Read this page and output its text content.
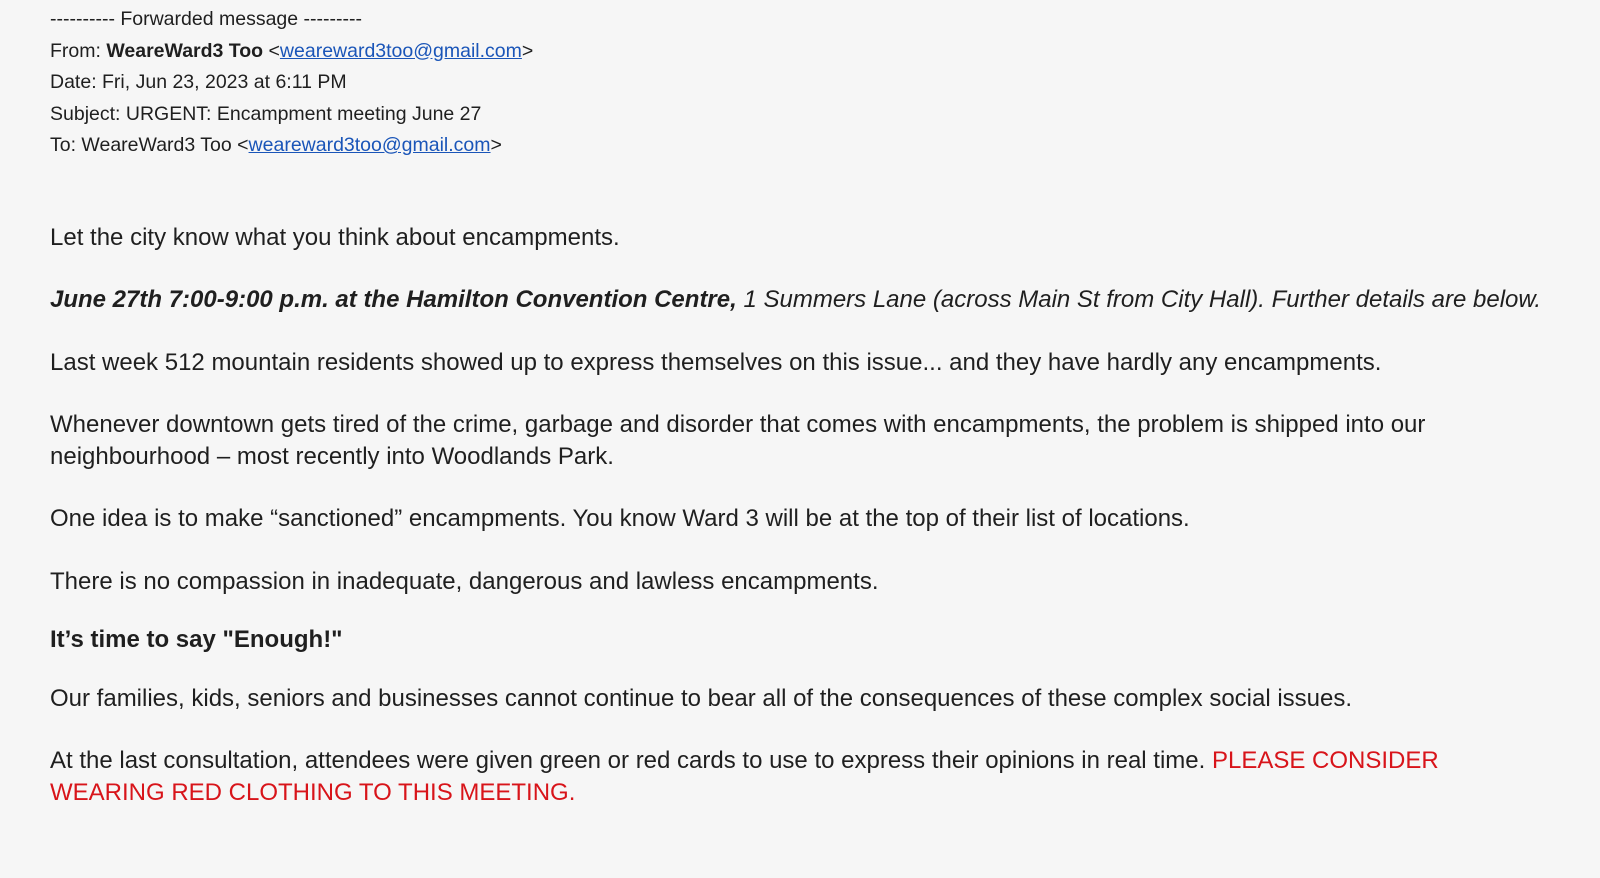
---------- Forwarded message ---------
From: WeareWard3 Too <weareward3too@gmail.com>
Date: Fri, Jun 23, 2023 at 6:11 PM
Subject: URGENT: Encampment meeting June 27
To: WeareWard3 Too <weareward3too@gmail.com>

Let the city know what you think about encampments.

June 27th 7:00-9:00 p.m. at the Hamilton Convention Centre, 1 Summers Lane (across Main St from City Hall). Further details are below.

Last week 512 mountain residents showed up to express themselves on this issue... and they have hardly any encampments.

Whenever downtown gets tired of the crime, garbage and disorder that comes with encampments, the problem is shipped into our neighbourhood – most recently into Woodlands Park.

One idea is to make “sanctioned” encampments. You know Ward 3 will be at the top of their list of locations.

There is no compassion in inadequate, dangerous and lawless encampments.

It’s time to say "Enough!"

Our families, kids, seniors and businesses cannot continue to bear all of the consequences of these complex social issues.

At the last consultation, attendees were given green or red cards to use to express their opinions in real time. PLEASE CONSIDER WEARING RED CLOTHING TO THIS MEETING.
